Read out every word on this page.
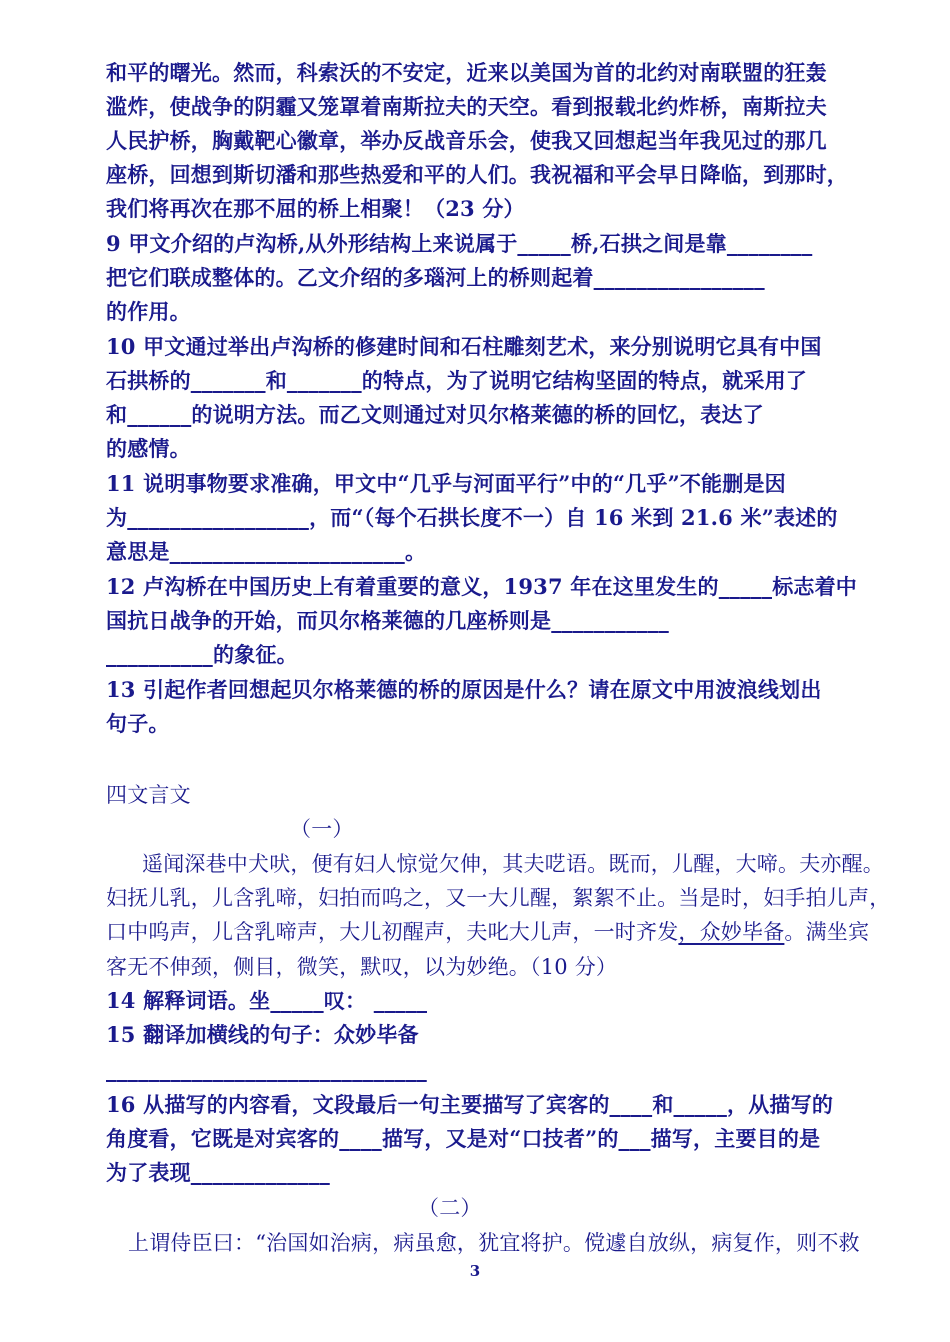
和平的曙光。然而，科索沃的不安定，近来以美国为首的北约对南联盟的狂轰
滥炸，使战争的阴霾又笼罩着南斯拉夫的天空。看到报载北约炸桥，南斯拉夫
人民护桥，胸戴靶心徽章，举办反战音乐会，使我又回想起当年我见过的那几
座桥，回想到斯切潘和那些热爱和平的人们。我祝福和平会早日降临，到那时，
我们将再次在那不屈的桥上相聚！（23 分）
9 甲文介绍的卢沟桥,从外形结构上来说属于_____桥,石拱之间是靠________
把它们联成整体的。乙文介绍的多瑙河上的桥则起着________________
的作用。
10 甲文通过举出卢沟桥的修建时间和石柱雕刻艺术，来分别说明它具有中国
石拱桥的_______和_______的特点，为了说明它结构坚固的特点，就采用了
和______的说明方法。而乙文则通过对贝尔格莱德的桥的回忆，表达了
的感情。
11 说明事物要求准确，甲文中“几乎与河面平行”中的“几乎”不能删是因
为_________________，而“（每个石拱长度不一）自 16 米到 21.6 米”表述的
意思是______________________。
12 卢沟桥在中国历史上有着重要的意义，1937 年在这里发生的_____标志着中
国抗日战争的开始，而贝尔格莱德的几座桥则是___________
__________的象征。
13 引起作者回想起贝尔格莱德的桥的原因是什么？请在原文中用波浪线划出
句子。
四文言文
（一）
遥闻深巷中犬吠，便有妇人惊觉欠伸，其夫呓语。既而，儿醒，大啼。夫亦醒。
妇抚儿乳，儿含乳啼，妇拍而呜之，又一大儿醒，絮絮不止。当是时，妇手拍儿声，
口中呜声，儿含乳啼声，大儿初醒声，夫叱大儿声，一时齐发，众妙毕备。满坐宾
客无不伸颈，侧目，微笑，默叹，以为妙绝。（10 分）
14 解释词语。坐_____叹： _____
15 翻译加横线的句子：众妙毕备
______________________________
16 从描写的内容看，文段最后一句主要描写了宾客的____和_____，从描写的
角度看，它既是对宾客的____描写，又是对“口技者”的___描写，主要目的是
为了表现_____________
（二）
上谓侍臣曰：“治国如治病，病虽愈，犹宜将护。傥遽自放纵，病复作，则不救
3
